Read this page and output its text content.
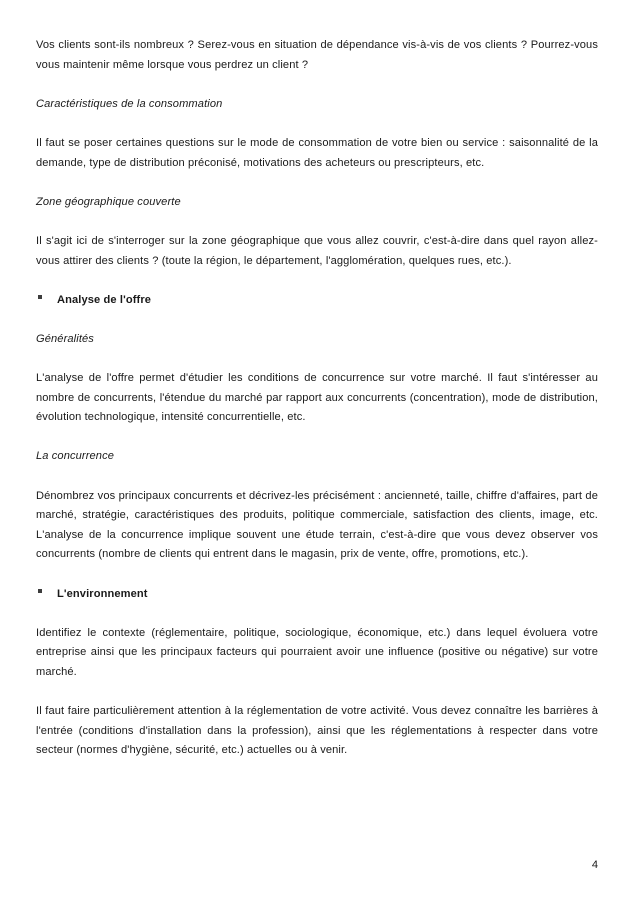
Vos clients sont-ils nombreux ? Serez-vous en situation de dépendance vis-à-vis de vos clients ? Pourrez-vous vous maintenir même lorsque vous perdrez un client ?

Caractéristiques de la consommation

Il faut se poser certaines questions sur le mode de consommation de votre bien ou service : saisonnalité de la demande, type de distribution préconisé, motivations des acheteurs ou prescripteurs, etc.

Zone géographique couverte

Il s'agit ici de s'interroger sur la zone géographique que vous allez couvrir, c'est-à-dire dans quel rayon allez-vous attirer des clients ? (toute la région, le département, l'agglomération, quelques rues, etc.).

Analyse de l'offre
Généralités

L'analyse de l'offre permet d'étudier les conditions de concurrence sur votre marché. Il faut s'intéresser au nombre de concurrents, l'étendue du marché par rapport aux concurrents (concentration), mode de distribution, évolution technologique, intensité concurrentielle, etc.

La concurrence

Dénombrez vos principaux concurrents et décrivez-les précisément : ancienneté, taille, chiffre d'affaires, part de marché, stratégie, caractéristiques des produits, politique commerciale, satisfaction des clients, image, etc. L'analyse de la concurrence implique souvent une étude terrain, c'est-à-dire que vous devez observer vos concurrents (nombre de clients qui entrent dans le magasin, prix de vente, offre, promotions, etc.).

L'environnement

Identifiez le contexte (réglementaire, politique, sociologique, économique, etc.) dans lequel évoluera votre entreprise ainsi que les principaux facteurs qui pourraient avoir une influence (positive ou négative) sur votre marché.

Il faut faire particulièrement attention à la réglementation de votre activité. Vous devez connaître les barrières à l'entrée (conditions d'installation dans la profession), ainsi que les réglementations à respecter dans votre secteur (normes d'hygiène, sécurité, etc.) actuelles ou à venir.

4
